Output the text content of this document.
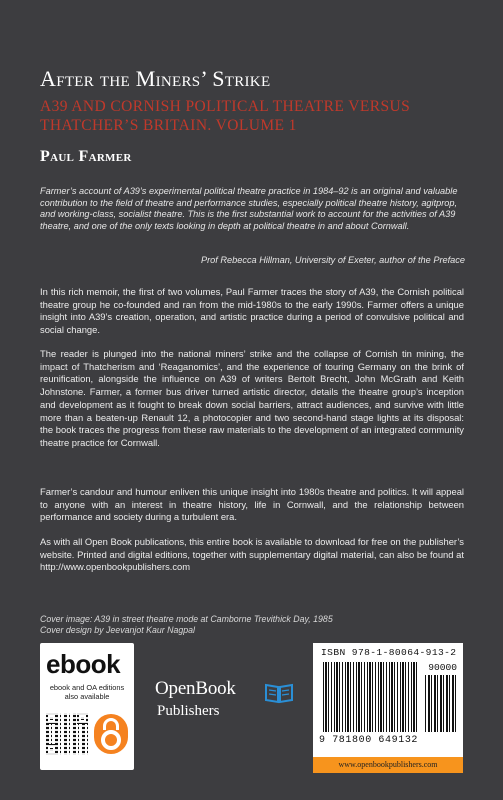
After the Miners’ Strike
A39 AND CORNISH POLITICAL THEATRE VERSUS THATCHER’S BRITAIN. VOLUME 1
Paul Farmer
Farmer’s account of A39’s experimental political theatre practice in 1984–92 is an original and valuable contribution to the field of theatre and performance studies, especially political theatre history, agitprop, and working-class, socialist theatre. This is the first substantial work to account for the activities of A39 theatre, and one of the only texts looking in depth at political theatre in and about Cornwall.
Prof Rebecca Hillman, University of Exeter, author of the Preface
In this rich memoir, the first of two volumes, Paul Farmer traces the story of A39, the Cornish political theatre group he co-founded and ran from the mid-1980s to the early 1990s. Farmer offers a unique insight into A39’s creation, operation, and artistic practice during a period of convulsive political and social change.
The reader is plunged into the national miners’ strike and the collapse of Cornish tin mining, the impact of Thatcherism and ‘Reaganomics’, and the experience of touring Germany on the brink of reunification, alongside the influence on A39 of writers Bertolt Brecht, John McGrath and Keith Johnstone. Farmer, a former bus driver turned artistic director, details the theatre group’s inception and development as it fought to break down social barriers, attract audiences, and survive with little more than a beaten-up Renault 12, a photocopier and two second-hand stage lights at its disposal: the book traces the progress from these raw materials to the development of an integrated community theatre practice for Cornwall.
Farmer’s candour and humour enliven this unique insight into 1980s theatre and politics. It will appeal to anyone with an interest in theatre history, life in Cornwall, and the relationship between performance and society during a turbulent era.
As with all Open Book publications, this entire book is available to download for free on the publisher’s website. Printed and digital editions, together with supplementary digital material, can also be found at http://www.openbookpublishers.com
Cover image: A39 in street theatre mode at Camborne Trevithick Day, 1985
Cover design by Jeevanjot Kaur Nagpal
ebook
ebook and OA editions also available	OpenBook
Publishers
ISBN 978-1-80064-913-2
90000
9 781800 649132
www.openbookpublishers.com
